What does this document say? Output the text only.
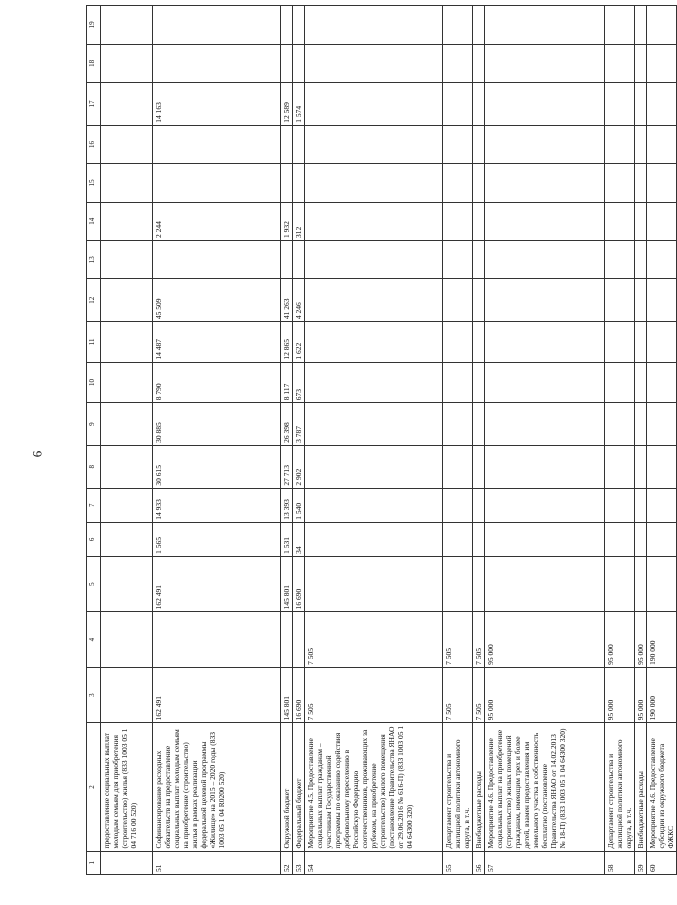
6
1	2	3	4	5	6	7	8	9	10	11	12	13	14	15	16	17	18	19
	предоставление социальных выплат молодым семьям для приобретения (строительство) жилья (833 1003 05 1 04 716 00 520)																	
51	Софинансирование расходных обязательств на предоставление социальных выплат молодым семьям на приобретение (строительство) жилья в рамках реализации федеральной целевой программы «Жилище» на 2015 – 2020 годы (833 1003 05 1 04 R0200 520)	162 491		162 491	1 565	14 933	30 615	30 885	8 790	14 487	45 509		2 244			14 163		
52	Окружной бюджет	145 801		145 801	1 531	13 393	27 713	26 398	8 117	12 865	41 263		1 932			12 589		
53	Федеральный бюджет	16 690		16 690	34	1 540	2 902	3 787	673	1 622	4 246		312			1 574		
54	Мероприятие 4.5. Предоставление социальных выплат гражданам – участникам Государственной программы по оказанию содействия добровольному переселению в Российскую Федерацию соотечественников, проживающих за рубежом, на приобретение (строительство) жилого помещения (постановление Правительства ЯНАО от 29.06.2016 № 616-П) (833 1003 05 1 04 64300 320)	7 505	7 505															
55	Департамент строительства и жилищной политики автономного округа, в т.ч.	7 505	7 505															
56	Внебюджетные расходы	7 505	7 505															
57	Мероприятие 4.6. Предоставление социальных выплат на приобретение (строительство) жилых помещений гражданам, имеющим трех и более детей, взамен предоставления им земельного участка в собственность бесплатно (постановление Правительства ЯНАО от 14.02.2013 № 18-П) (833 1003 05 1 04 64300 320)	95 000	95 000															
58	Департамент строительства и жилищной политики автономного округа, в т.ч.	95 000	95 000															
59	Внебюджетные расходы	95 000	95 000															
60	Мероприятие 4.6. Предоставление субсидии из окружного бюджета ФЖКС	190 000	190 000															
